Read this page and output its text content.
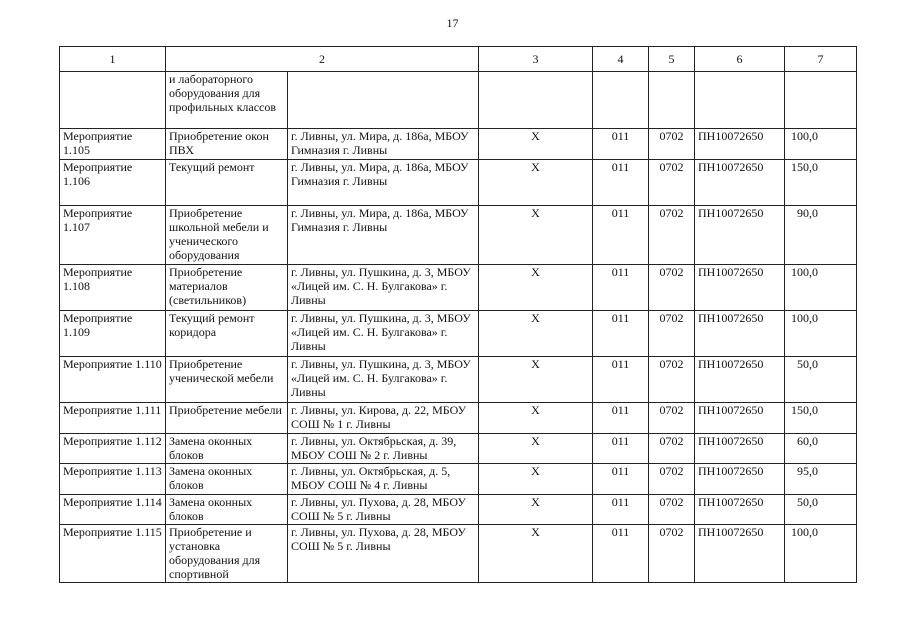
17
1	2		3	4	5	6	7
	и лабораторного оборудования для профильных классов						
Мероприятие 1.105	Приобретение окон ПВХ	г. Ливны, ул. Мира, д. 186а, МБОУ Гимназия г. Ливны	Х	011	0702	ПН10072650	100,0
Мероприятие 1.106	Текущий ремонт	г. Ливны, ул. Мира, д. 186а, МБОУ Гимназия г. Ливны	Х	011	0702	ПН10072650	150,0
Мероприятие 1.107	Приобретение школьной мебели и ученического оборудования	г. Ливны, ул. Мира, д. 186а, МБОУ Гимназия г. Ливны	Х	011	0702	ПН10072650	90,0
Мероприятие 1.108	Приобретение материалов (светильников)	г. Ливны, ул. Пушкина, д. 3, МБОУ «Лицей им. С. Н. Булгакова» г. Ливны	Х	011	0702	ПН10072650	100,0
Мероприятие 1.109	Текущий ремонт коридора	г. Ливны, ул. Пушкина, д. 3, МБОУ «Лицей им. С. Н. Булгакова» г. Ливны	Х	011	0702	ПН10072650	100,0
Мероприятие 1.110	Приобретение ученической мебели	г. Ливны, ул. Пушкина, д. 3, МБОУ «Лицей им. С. Н. Булгакова» г. Ливны	Х	011	0702	ПН10072650	50,0
Мероприятие 1.111	Приобретение мебели	г. Ливны, ул. Кирова, д. 22, МБОУ СОШ № 1 г. Ливны	Х	011	0702	ПН10072650	150,0
Мероприятие 1.112	Замена оконных блоков	г. Ливны, ул. Октябрьская, д. 39, МБОУ СОШ № 2 г. Ливны	Х	011	0702	ПН10072650	60,0
Мероприятие 1.113	Замена оконных блоков	г. Ливны, ул. Октябрьская, д. 5, МБОУ СОШ № 4 г. Ливны	Х	011	0702	ПН10072650	95,0
Мероприятие 1.114	Замена оконных блоков	г. Ливны, ул. Пухова, д. 28, МБОУ СОШ № 5 г. Ливны	Х	011	0702	ПН10072650	50,0
Мероприятие 1.115	Приобретение и установка оборудования для спортивной	г. Ливны, ул. Пухова, д. 28, МБОУ СОШ № 5 г. Ливны	Х	011	0702	ПН10072650	100,0
